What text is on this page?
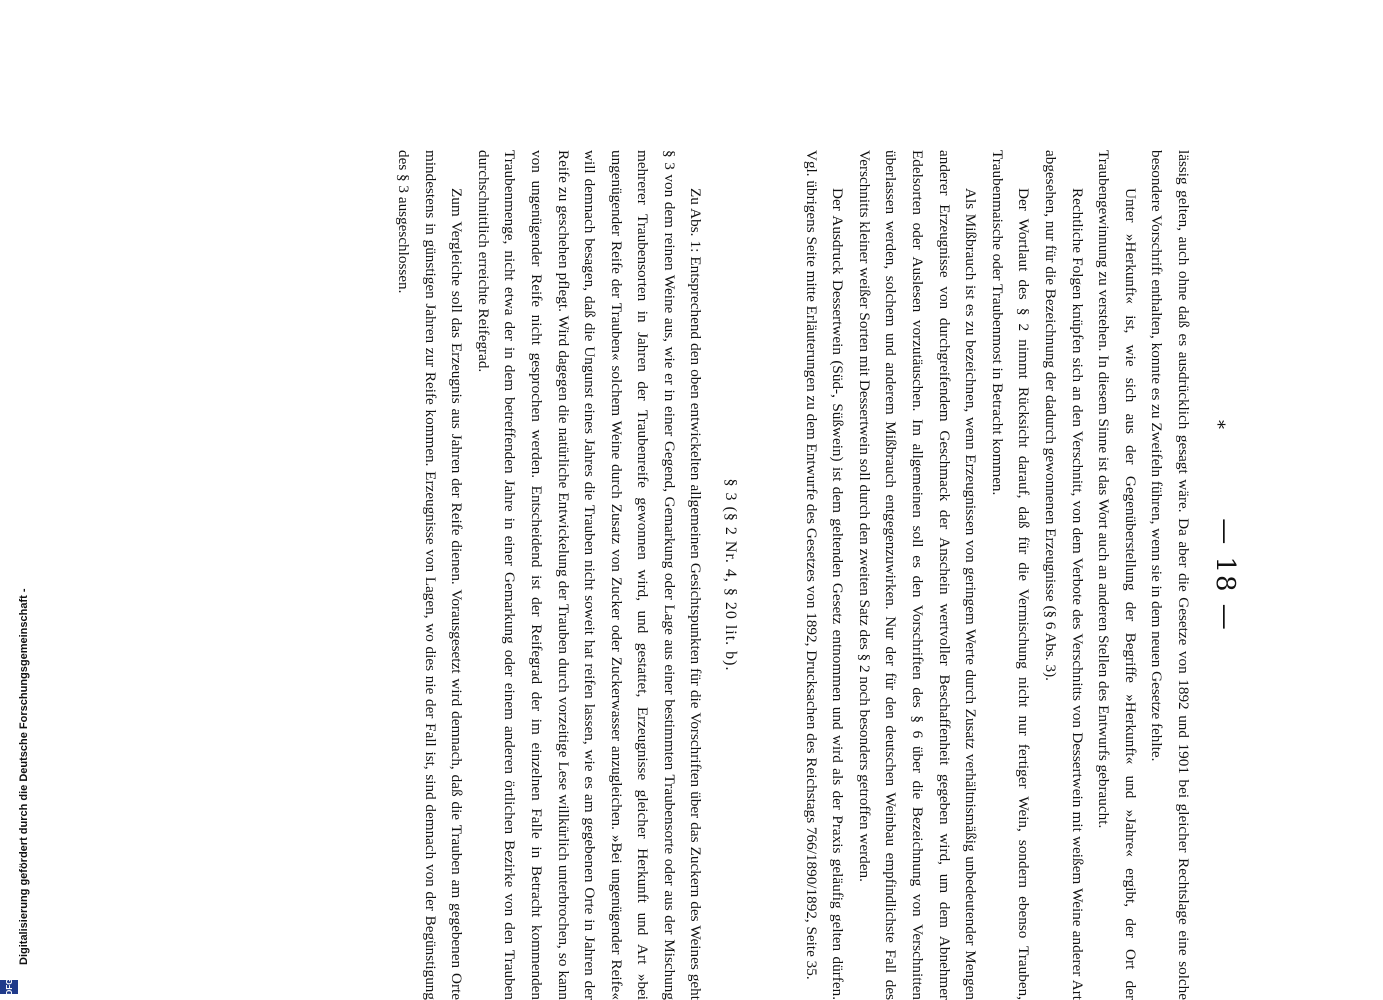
— 18 —
*

lässig gelten, auch ohne daß es ausdrücklich gesagt wäre. Da aber die Gesetze von 1892 und 1901 bei gleicher Rechtslage eine solche besondere Vorschrift enthalten, konnte es zu Zweifeln führen, wenn sie in dem neuen Gesetze fehlte.

Unter »Herkunft« ist, wie sich aus der Gegenüberstellung der Begriffe »Herkunft« und »Jahre« ergibt, der Ort der Traubengewinnung zu verstehen. In diesem Sinne ist das Wort auch an anderen Stellen des Entwurfs gebraucht.

Rechtliche Folgen knüpfen sich an den Verschnitt, von dem Verbote des Verschnitts von Dessertwein mit weißem Weine anderer Art abgesehen, nur für die Bezeichnung der dadurch gewonnenen Erzeugnisse (§ 6 Abs. 3).

Der Wortlaut des § 2 nimmt Rücksicht darauf, daß für die Vermischung nicht nur fertiger Wein, sondern ebenso Trauben, Traubenmaische oder Traubenmost in Betracht kommen.

Als Mißbrauch ist es zu bezeichnen, wenn Erzeugnissen von geringem Werte durch Zusatz verhältnismäßig unbedeutender Mengen anderer Erzeugnisse von durchgreifendem Geschmack der Anschein wertvoller Beschaffenheit gegeben wird, um dem Abnehmer Edelsorten oder Auslesen vorzutäuschen. Im allgemeinen soll es den Vorschriften des § 6 über die Bezeichnung von Verschnitten überlassen werden, solchem und anderem Mißbrauch entgegenzuwirken. Nur der für den deutschen Weinbau empfindlichste Fall des Verschnitts kleiner weißer Sorten mit Dessertwein soll durch den zweiten Satz des § 2 noch besonders getroffen werden.

Der Ausdruck Dessertwein (Süd-, Süßwein) ist dem geltenden Gesetz entnommen und wird als der Praxis geläufig gelten dürfen. Vgl. übrigens Seite mitte Erläuterungen zu dem Entwurfe des Gesetzes von 1892, Drucksachen des Reichstags 766/1890/1892, Seite 35.

§ 3 (§ 2 Nr. 4, § 20 lit. b).

Zu Abs. 1: Entsprechend den oben entwickelten allgemeinen Gesichtspunkten für die Vorschriften über das Zuckern des Weines geht § 3 von dem reinen Weine aus, wie er in einer Gegend, Gemarkung oder Lage aus einer bestimmten Traubensorte oder aus der Mischung mehrerer Traubensorten in Jahren der Traubenreife gewonnen wird, und gestattet, Erzeugnisse gleicher Herkunft und Art »bei ungenügender Reife der Trauben« solchem Weine durch Zusatz von Zucker oder Zuckerwasser anzugleichen. »Bei ungenügender Reife« will demnach besagen, daß die Ungunst eines Jahres die Trauben nicht soweit hat reifen lassen, wie es am gegebenen Orte in Jahren der Reife zu geschehen pflegt. Wird dagegen die natürliche Entwickelung der Trauben durch vorzeitige Lese willkürlich unterbrochen, so kann von ungenügender Reife nicht gesprochen werden. Entscheidend ist der Reifegrad der im einzelnen Falle in Betracht kommenden Traubenmenge, nicht etwa der in dem betreffenden Jahre in einer Gemarkung oder einem anderen örtlichen Bezirke von den Trauben durchschnittlich erreichte Reifegrad.

Zum Vergleiche soll das Erzeugnis aus Jahren der Reife dienen. Vorausgesetzt wird demnach, daß die Trauben am gegebenen Orte mindestens in günstigen Jahren zur Reife kommen. Erzeugnisse von Lagen, wo dies nie der Fall ist, sind demnach von der Begünstigung des § 3 ausgeschlossen.

Digitalisierung gefördert durch die Deutsche Forschungsgemeinschaft -
DFG
